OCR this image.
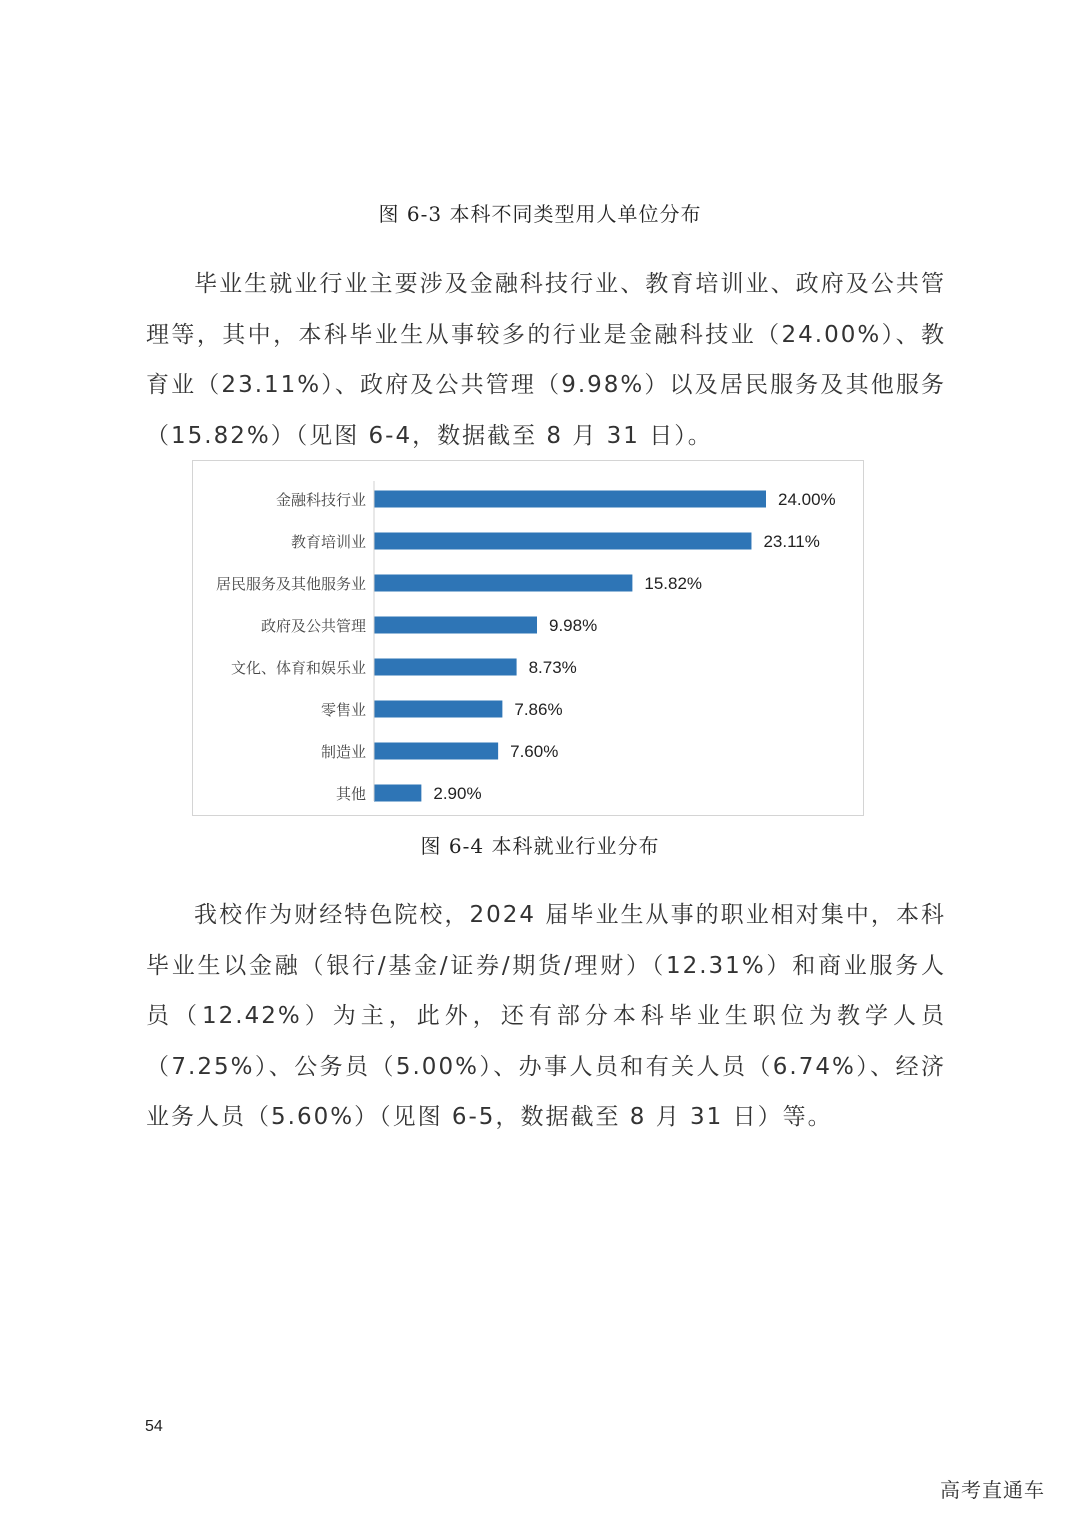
图 6-3 本科不同类型用人单位分布

毕业生就业行业主要涉及金融科技行业、教育培训业、政府及公共管理等，其中，本科毕业生从事较多的行业是金融科技业（24.00%）、教育业（23.11%）、政府及公共管理（9.98%）以及居民服务及其他服务（15.82%）（见图 6-4，数据截至 8 月 31 日）。

金融科技行业	24.00%
教育培训业	23.11%
居民服务及其他服务业	15.82%
政府及公共管理	9.98%
文化、体育和娱乐业	8.73%
零售业	7.86%
制造业	7.60%
其他	2.90%
图 6-4 本科就业行业分布

我校作为财经特色院校，2024 届毕业生从事的职业相对集中，本科毕业生以金融（银行/基金/证券/期货/理财）（12.31%）和商业服务人员（12.42%）为主，此外，还有部分本科毕业生职位为教学人员（7.25%）、公务员（5.00%）、办事人员和有关人员（6.74%）、经济业务人员（5.60%）（见图 6-5，数据截至 8 月 31 日）等。

54
高考直通车
